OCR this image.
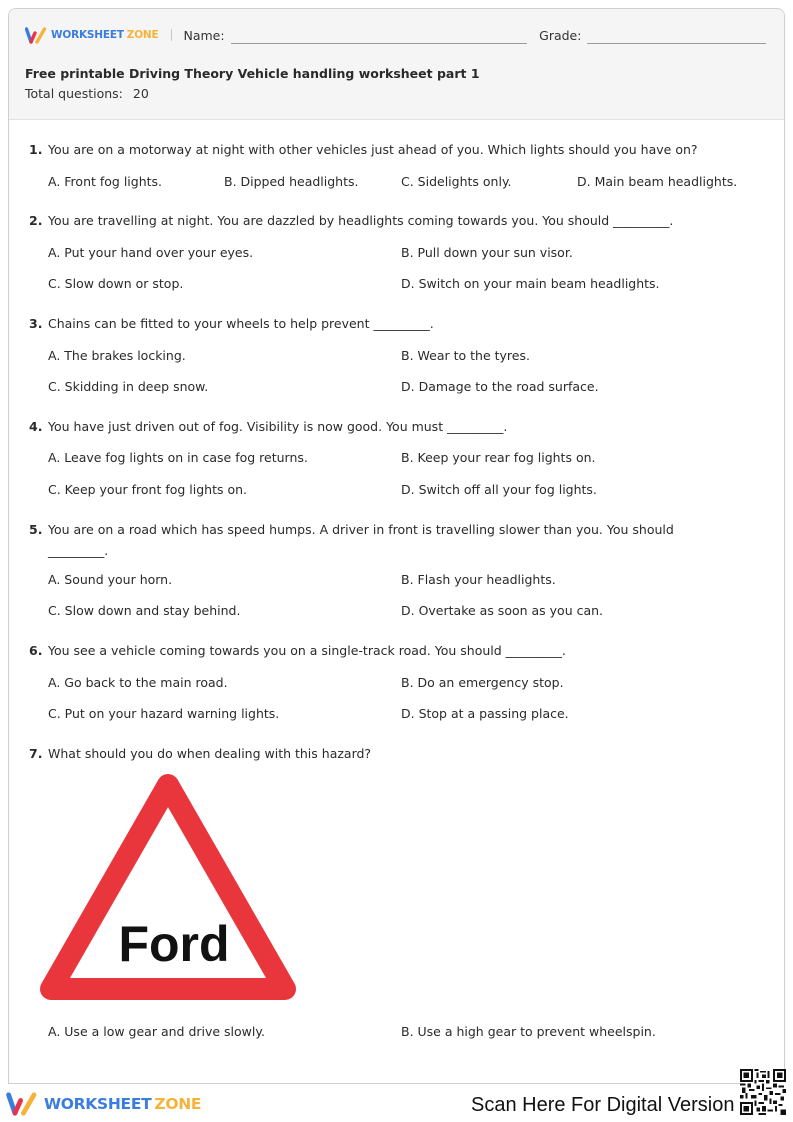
WORKSHEET ZONE Name:	Grade:
Free printable Driving Theory Vehicle handling worksheet part 1
Total questions: 20
1. You are on a motorway at night with other vehicles just ahead of you. Which lights should you have on?
A. Front fog lights.	B. Dipped headlights.	C. Sidelights only.	D. Main beam headlights.
2. You are travelling at night. You are dazzled by headlights coming towards you. You should _________.
A. Put your hand over your eyes.	B. Pull down your sun visor.
C. Slow down or stop.	D. Switch on your main beam headlights.
3. Chains can be fitted to your wheels to help prevent _________.
A. The brakes locking.	B. Wear to the tyres.
C. Skidding in deep snow.	D. Damage to the road surface.
4. You have just driven out of fog. Visibility is now good. You must _________.
A. Leave fog lights on in case fog returns.	B. Keep your rear fog lights on.
C. Keep your front fog lights on.	D. Switch off all your fog lights.
5. You are on a road which has speed humps. A driver in front is travelling slower than you. You should _________.
A. Sound your horn.	B. Flash your headlights.
C. Slow down and stay behind.	D. Overtake as soon as you can.
6. You see a vehicle coming towards you on a single-track road. You should _________.
A. Go back to the main road.	B. Do an emergency stop.
C. Put on your hazard warning lights.	D. Stop at a passing place.
7. What should you do when dealing with this hazard?
Ford
A. Use a low gear and drive slowly.	B. Use a high gear to prevent wheelspin.
WORKSHEET ZONE	Scan Here For Digital Version
